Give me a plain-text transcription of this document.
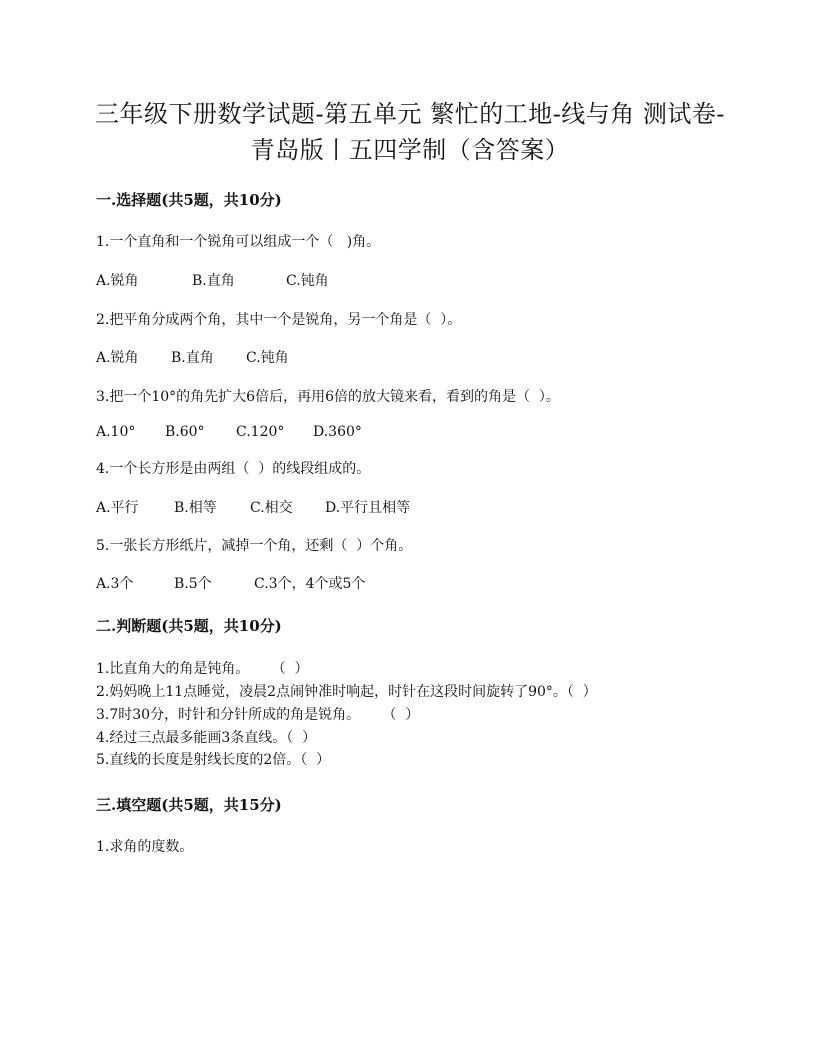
三年级下册数学试题-第五单元 繁忙的工地-线与角 测试卷-
青岛版丨五四学制（含答案）
一.选择题(共5题，共10分)
1.一个直角和一个锐角可以组成一个（   )角。
A.锐角	B.直角	C.钝角
2.把平角分成两个角，其中一个是锐角，另一个角是（  ）。
A.锐角 B.直角 C.钝角
3.把一个10°的角先扩大6倍后，再用6倍的放大镜来看，看到的角是（  ）。
A.10° B.60° C.120° D.360°
4.一个长方形是由两组（  ）的线段组成的。
A.平行	B.相等 C.相交 D.平行且相等
5.一张长方形纸片，减掉一个角，还剩（  ）个角。
A.3个	B.5个	C.3个，4个或5个
二.判断题(共5题，共10分)
1.比直角大的角是钝角。     （  ）
2.妈妈晚上11点睡觉，凌晨2点闹钟准时响起，时针在这段时间旋转了90°。（  ）
3.7时30分，时针和分针所成的角是锐角。     （  ）
4.经过三点最多能画3条直线。（  ）
5.直线的长度是射线长度的2倍。（  ）
三.填空题(共5题，共15分)
1.求角的度数。
